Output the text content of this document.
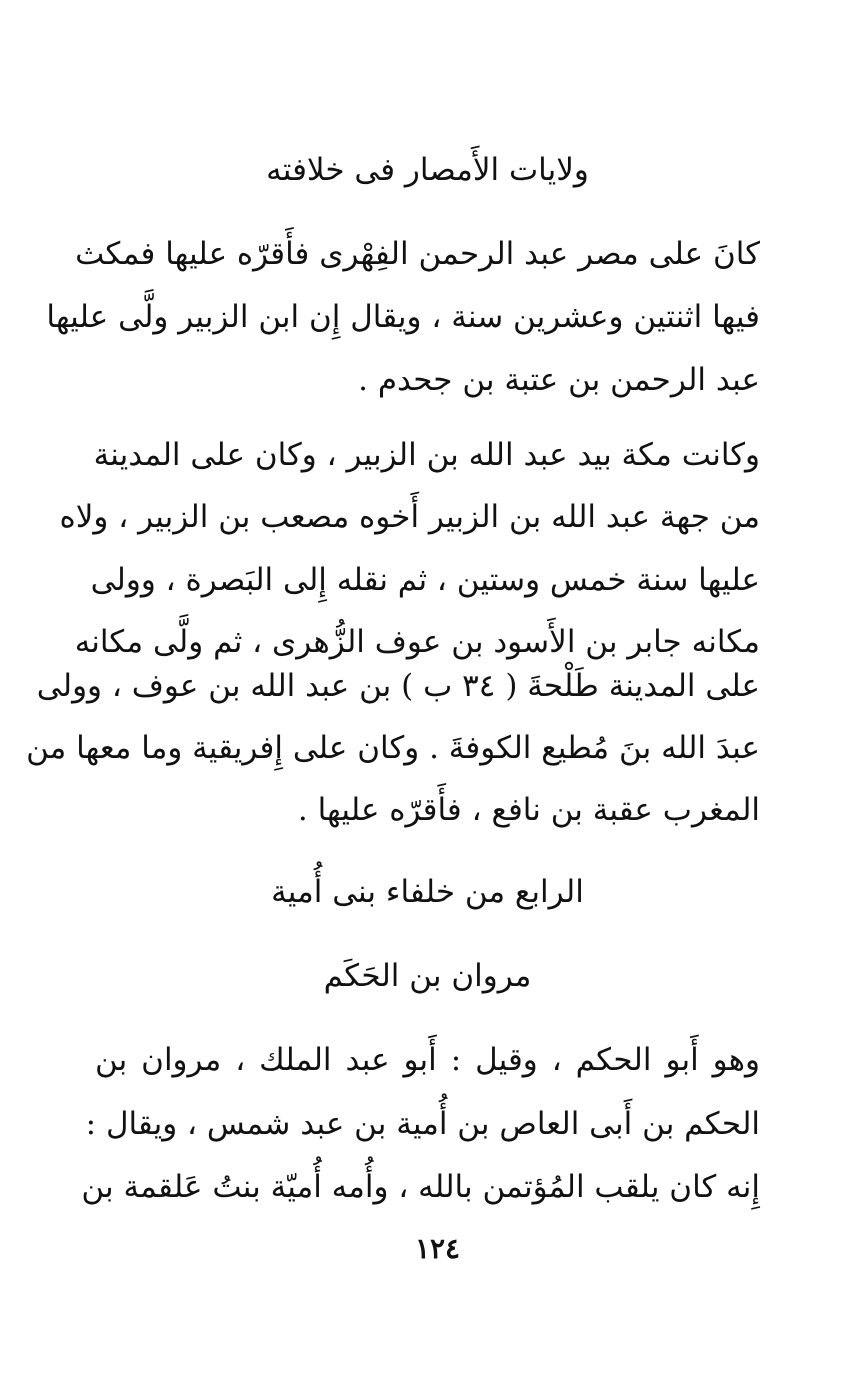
ولايات الأَمصار فى خلافته
كانَ على مصر عبد الرحمن الفِهْرى فأَقرّه عليها فمكث
فيها اثنتين وعشرين سنة ، ويقال إِن ابن الزبير ولَّى عليها
عبد الرحمن بن عتبة بن جحدم .
وكانت مكة بيد عبد الله بن الزبير ، وكان على المدينة
من جهة عبد الله بن الزبير أَخوه مصعب بن الزبير ، ولاه
عليها سنة خمس وستين ، ثم نقله إِلى البَصرة ، وولى
مكانه جابر بن الأَسود بن عوف الزُّهرى ، ثم ولَّى مكانه
على المدينة طَلْحةَ ( ٣٤ ب ) بن عبد الله بن عوف ، وولى
عبدَ الله بنَ مُطيع الكوفةَ . وكان على إِفريقية وما معها من
المغرب عقبة بن نافع ، فأَقرّه عليها .
الرابع من خلفاء بنى أُمية
مروان بن الحَكَم
وهو أَبو الحكم ، وقيل : أَبو عبد الملك ، مروان بن
الحكم بن أَبى العاص بن أُمية بن عبد شمس ، ويقال :
إِنه كان يلقب المُؤتمن بالله ، وأُمه أُميّة بنتُ عَلقمة بن
١٢٤
